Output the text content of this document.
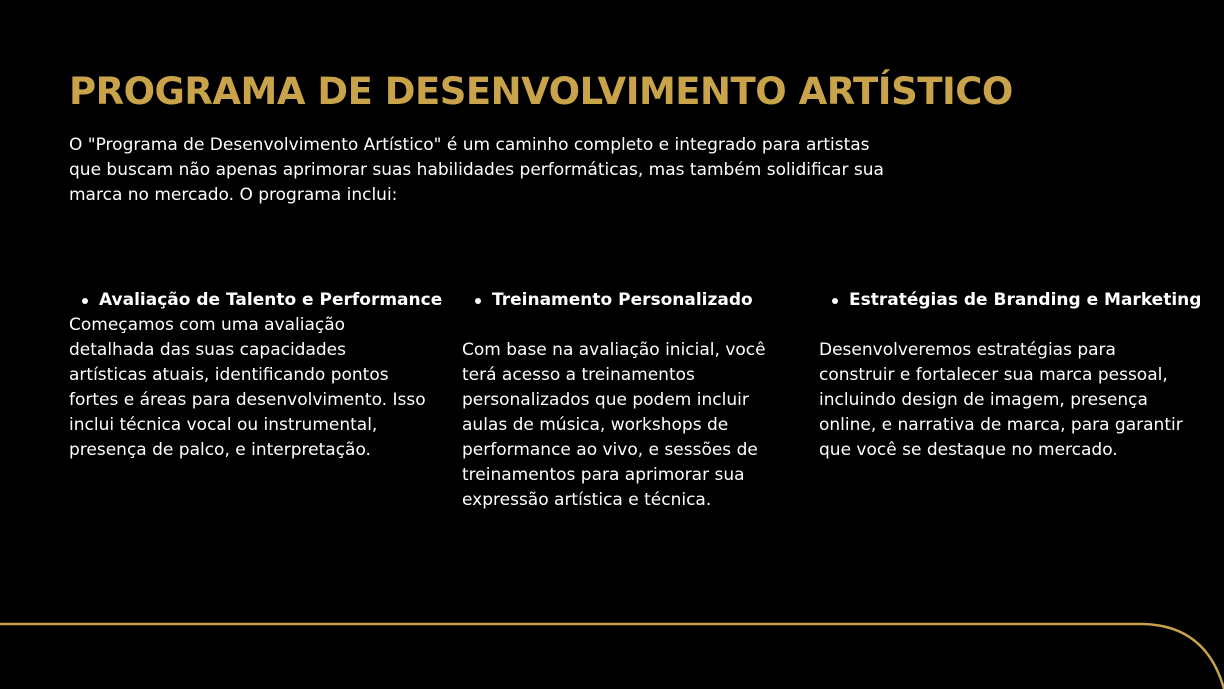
PROGRAMA DE DESENVOLVIMENTO ARTÍSTICO

O "Programa de Desenvolvimento Artístico" é um caminho completo e integrado para artistas que buscam não apenas aprimorar suas habilidades performáticas, mas também solidificar sua marca no mercado. O programa inclui:

Avaliação de Talento e Performance

Começamos com uma avaliação detalhada das suas capacidades artísticas atuais, identificando pontos fortes e áreas para desenvolvimento. Isso inclui técnica vocal ou instrumental, presença de palco, e interpretação.

Treinamento Personalizado

Com base na avaliação inicial, você terá acesso a treinamentos personalizados que podem incluir aulas de música, workshops de performance ao vivo, e sessões de treinamentos para aprimorar sua expressão artística e técnica.

Estratégias de Branding e Marketing

Desenvolveremos estratégias para construir e fortalecer sua marca pessoal, incluindo design de imagem, presença online, e narrativa de marca, para garantir que você se destaque no mercado.
